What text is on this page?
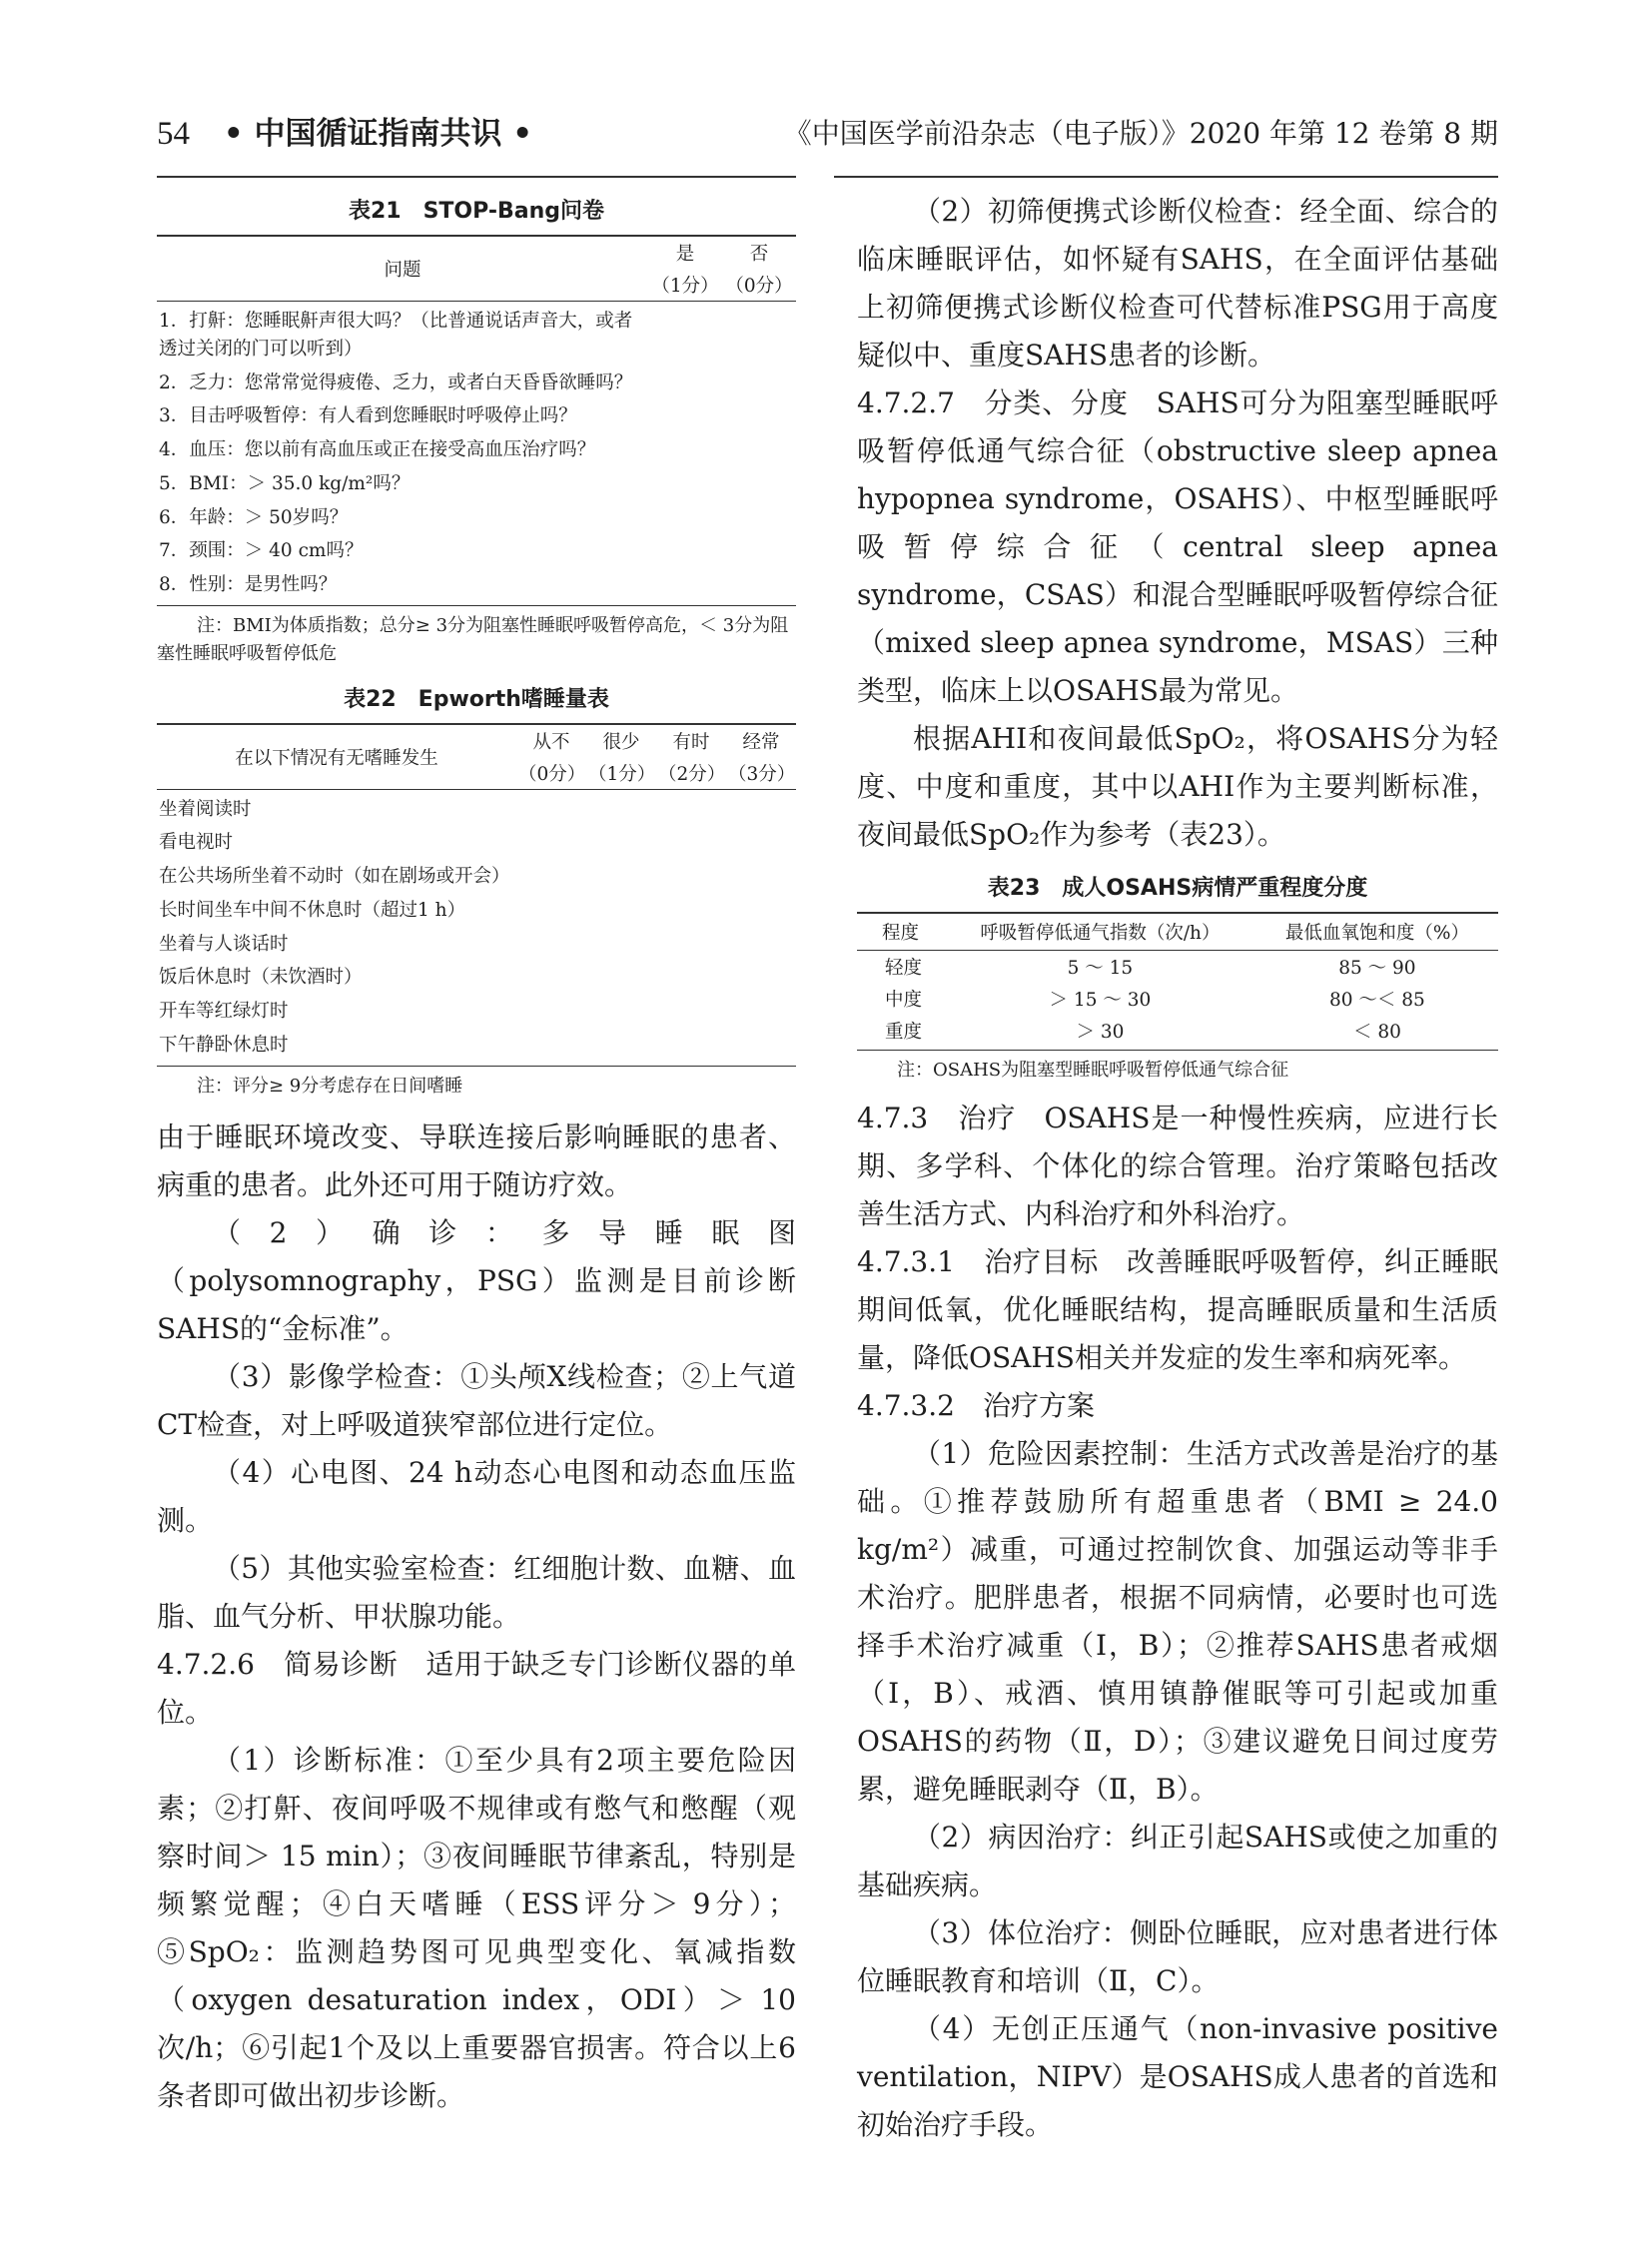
54 • 中国循证指南共识 •	《中国医学前沿杂志（电子版）》2020 年第 12 卷第 8 期
表21　STOP-Bang问卷
问题	是	否
	（1分）	（0分）
1．打鼾：您睡眠鼾声很大吗？（比普通说话声音大，或者透过关闭的门可以听到）		
2．乏力：您常常觉得疲倦、乏力，或者白天昏昏欲睡吗？		
3．目击呼吸暂停：有人看到您睡眠时呼吸停止吗？		
4．血压：您以前有高血压或正在接受高血压治疗吗？		
5．BMI：＞ 35.0 kg/m²吗？		
6．年龄：＞ 50岁吗？		
7．颈围：＞ 40 cm吗？		
8．性别：是男性吗？		
注：BMI为体质指数；总分≥ 3分为阻塞性睡眠呼吸暂停高危，＜ 3分为阻塞性睡眠呼吸暂停低危
表22　Epworth嗜睡量表
在以下情况有无嗜睡发生	从不	很少	有时	经常
	（0分）	（1分）	（2分）	（3分）
坐着阅读时				
看电视时				
在公共场所坐着不动时（如在剧场或开会）				
长时间坐车中间不休息时（超过1 h）				
坐着与人谈话时				
饭后休息时（未饮酒时）				
开车等红绿灯时				
下午静卧休息时				
注：评分≥ 9分考虑存在日间嗜睡

由于睡眠环境改变、导联连接后影响睡眠的患者、病重的患者。此外还可用于随访疗效。

（2）确诊：多导睡眠图（polysomnography，PSG）监测是目前诊断SAHS的“金标准”。

（3）影像学检查：①头颅X线检查；②上气道CT检查，对上呼吸道狭窄部位进行定位。

（4）心电图、24 h动态心电图和动态血压监测。

（5）其他实验室检查：红细胞计数、血糖、血脂、血气分析、甲状腺功能。

4.7.2.6　简易诊断 适用于缺乏专门诊断仪器的单位。

（1）诊断标准：①至少具有2项主要危险因素；②打鼾、夜间呼吸不规律或有憋气和憋醒（观察时间＞ 15 min）；③夜间睡眠节律紊乱，特别是频繁觉醒；④白天嗜睡（ESS评分＞ 9分）；⑤SpO₂：监测趋势图可见典型变化、氧减指数（oxygen desaturation index，ODI）＞ 10次/h；⑥引起1个及以上重要器官损害。符合以上6条者即可做出初步诊断。

（2）初筛便携式诊断仪检查：经全面、综合的临床睡眠评估，如怀疑有SAHS，在全面评估基础上初筛便携式诊断仪检查可代替标准PSG用于高度疑似中、重度SAHS患者的诊断。

4.7.2.7　分类、分度 SAHS可分为阻塞型睡眠呼吸暂停低通气综合征（obstructive sleep apnea hypopnea syndrome，OSAHS）、中枢型睡眠呼吸暂停综合征（central sleep apnea syndrome，CSAS）和混合型睡眠呼吸暂停综合征（mixed sleep apnea syndrome，MSAS）三种类型，临床上以OSAHS最为常见。

根据AHI和夜间最低SpO₂，将OSAHS分为轻度、中度和重度，其中以AHI作为主要判断标准，夜间最低SpO₂作为参考（表23）。

表23　成人OSAHS病情严重程度分度
程度	呼吸暂停低通气指数（次/h）	最低血氧饱和度（%）
轻度	5 ～ 15	85 ～ 90
中度	＞ 15 ～ 30	80 ～＜ 85
重度	＞ 30	＜ 80
注：OSAHS为阻塞型睡眠呼吸暂停低通气综合征

4.7.3　治疗 OSAHS是一种慢性疾病，应进行长期、多学科、个体化的综合管理。治疗策略包括改善生活方式、内科治疗和外科治疗。

4.7.3.1　治疗目标 改善睡眠呼吸暂停，纠正睡眠期间低氧，优化睡眠结构，提高睡眠质量和生活质量，降低OSAHS相关并发症的发生率和病死率。

4.7.3.2　治疗方案

（1）危险因素控制：生活方式改善是治疗的基础。①推荐鼓励所有超重患者（BMI ≥ 24.0 kg/m²）减重，可通过控制饮食、加强运动等非手术治疗。肥胖患者，根据不同病情，必要时也可选择手术治疗减重（Ⅰ，B）；②推荐SAHS患者戒烟（Ⅰ，B）、戒酒、慎用镇静催眠等可引起或加重OSAHS的药物（Ⅱ，D）；③建议避免日间过度劳累，避免睡眠剥夺（Ⅱ，B）。

（2）病因治疗：纠正引起SAHS或使之加重的基础疾病。

（3）体位治疗：侧卧位睡眠，应对患者进行体位睡眠教育和培训（Ⅱ，C）。

（4）无创正压通气（non-invasive positive ventilation，NIPV）是OSAHS成人患者的首选和初始治疗手段。
